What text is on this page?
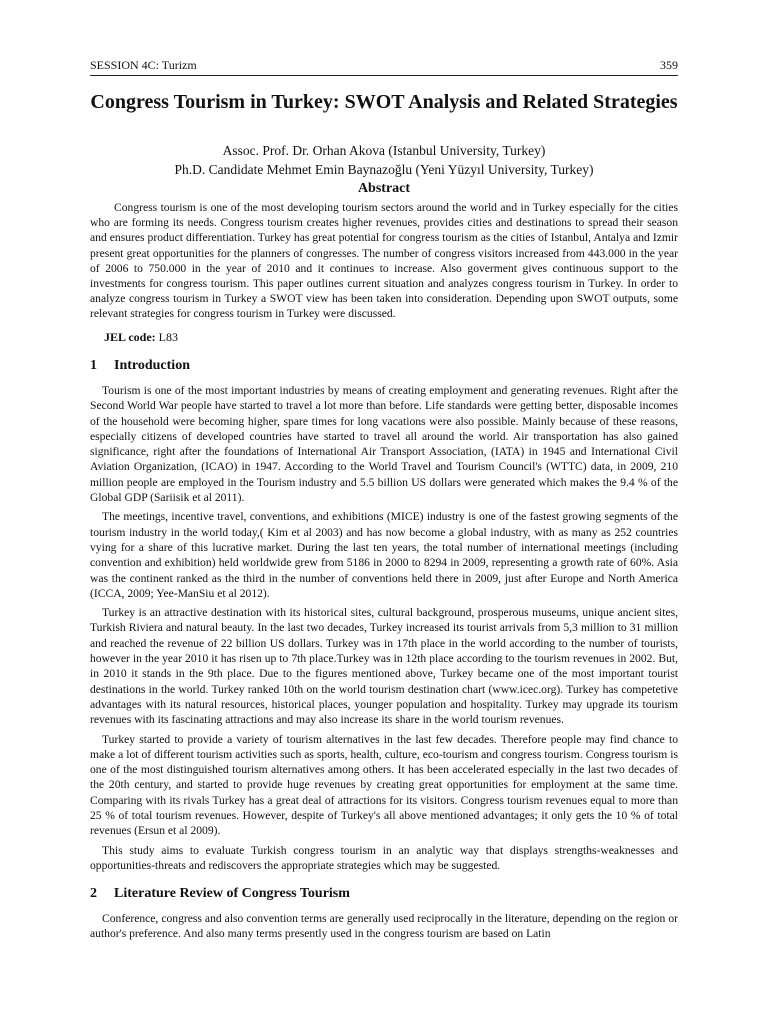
SESSION 4C: Turizm	359
Congress Tourism in Turkey: SWOT Analysis and Related Strategies
Assoc. Prof. Dr. Orhan Akova (Istanbul University, Turkey)
Ph.D. Candidate Mehmet Emin Baynazoğlu (Yeni Yüzyıl University, Turkey)
Abstract
Congress tourism is one of the most developing tourism sectors around the world and in Turkey especially for the cities who are forming its needs. Congress tourism creates higher revenues, provides cities and destinations to spread their season and ensures product differentiation. Turkey has great potential for congress tourism as the cities of Istanbul, Antalya and Izmir present great opportunities for the planners of congresses. The number of congress visitors increased from 443.000 in the year of 2006 to 750.000 in the year of 2010 and it continues to increase. Also goverment gives continuous support to the investments for congress tourism. This paper outlines current situation and analyzes congress tourism in Turkey. In order to analyze congress tourism in Turkey a SWOT view has been taken into consideration. Depending upon SWOT outputs, some relevant strategies for congress tourism in Turkey were discussed.
JEL code: L83
1 Introduction

Tourism is one of the most important industries by means of creating employment and generating revenues. Right after the Second World War people have started to travel a lot more than before. Life standards were getting better, disposable incomes of the household were becoming higher, spare times for long vacations were also possible. Mainly because of these reasons, especially citizens of developed countries have started to travel all around the world. Air transportation has also gained significance, right after the foundations of International Air Transport Association, (IATA) in 1945 and International Civil Aviation Organization, (ICAO) in 1947. According to the World Travel and Tourism Council's (WTTC) data, in 2009, 210 million people are employed in the Tourism industry and 5.5 billion US dollars were generated which makes the 9.4 % of the Global GDP (Sariisik et al 2011).

The meetings, incentive travel, conventions, and exhibitions (MICE) industry is one of the fastest growing segments of the tourism industry in the world today,( Kim et al 2003) and has now become a global industry, with as many as 252 countries vying for a share of this lucrative market. During the last ten years, the total number of international meetings (including convention and exhibition) held worldwide grew from 5186 in 2000 to 8294 in 2009, representing a growth rate of 60%. Asia was the continent ranked as the third in the number of conventions held there in 2009, just after Europe and North America (ICCA, 2009; Yee-ManSiu et al 2012).

Turkey is an attractive destination with its historical sites, cultural background, prosperous museums, unique ancient sites, Turkish Riviera and natural beauty. In the last two decades, Turkey increased its tourist arrivals from 5,3 million to 31 million and reached the revenue of 22 billion US dollars. Turkey was in 17th place in the world according to the number of tourists, however in the year 2010 it has risen up to 7th place.Turkey was in 12th place according to the tourism revenues in 2002. But, in 2010 it stands in the 9th place. Due to the figures mentioned above, Turkey became one of the most important tourist destinations in the world. Turkey ranked 10th on the world tourism destination chart (www.icec.org). Turkey has competetive advantages with its natural resources, historical places, younger population and hospitality. Turkey may upgrade its tourism revenues with its fascinating attractions and may also increase its share in the world tourism revenues.

Turkey started to provide a variety of tourism alternatives in the last few decades. Therefore people may find chance to make a lot of different tourism activities such as sports, health, culture, eco-tourism and congress tourism. Congress tourism is one of the most distinguished tourism alternatives among others. It has been accelerated especially in the last two decades of the 20th century, and started to provide huge revenues by creating great opportunities for employment at the same time. Comparing with its rivals Turkey has a great deal of attractions for its visitors. Congress tourism revenues equal to more than 25 % of total tourism revenues. However, despite of Turkey's all above mentioned advantages; it only gets the 10 % of total revenues (Ersun et al 2009).

This study aims to evaluate Turkish congress tourism in an analytic way that displays strengths-weaknesses and opportunities-threats and rediscovers the appropriate strategies which may be suggested.

2 Literature Review of Congress Tourism

Conference, congress and also convention terms are generally used reciprocally in the literature, depending on the region or author's preference. And also many terms presently used in the congress tourism are based on Latin
